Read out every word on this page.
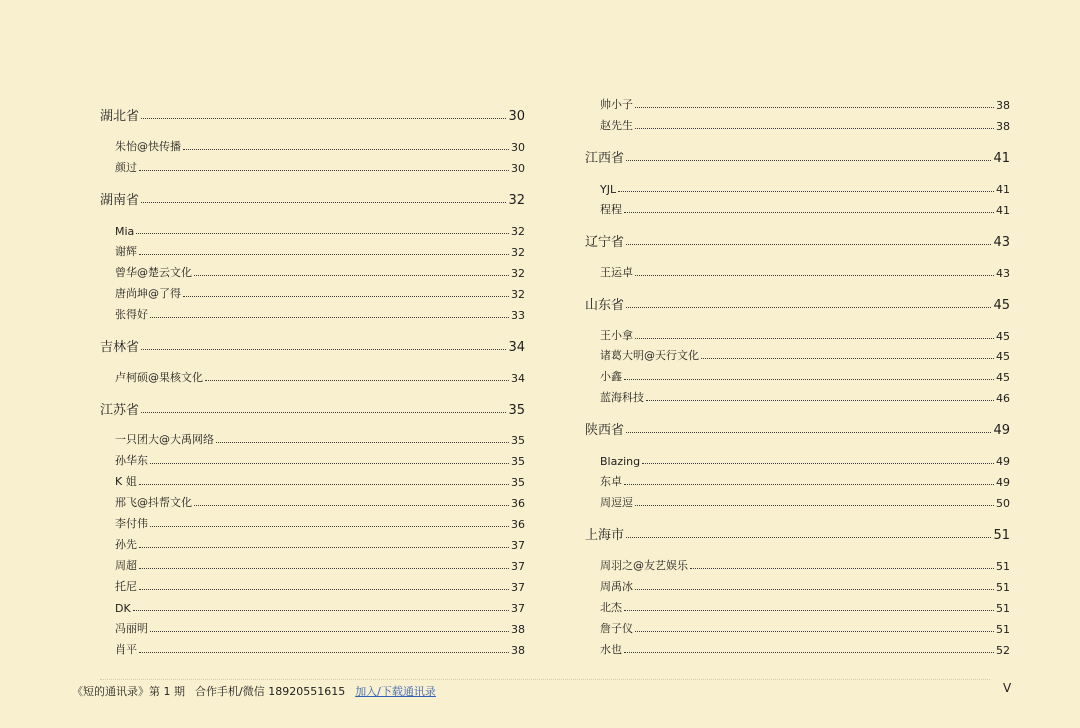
湖北省	30
朱怡@快传播	30
颜过	30
湖南省	32
Mia	32
谢辉	32
曾华@楚云文化	32
唐尚坤@了得	32
张得好	33
吉林省	34
卢柯硕@果核文化	34
江苏省	35
一只团大@大禹网络	35
孙华东	35
K 姐	35
邢飞@抖帮文化	36
李付伟	36
孙先	37
周超	37
托尼	37
DK	37
冯丽明	38
肖平	38
帅小子	38
赵先生	38
江西省	41
YJL	41
程程	41
辽宁省	43
王运卓	43
山东省	45
王小拿	45
诸葛大明@天行文化	45
小鑫	45
蓝海科技	46
陕西省	49
Blazing	49
东卓	49
周逗逗	50
上海市	51
周羽之@友艺娱乐	51
周禹冰	51
北杰	51
詹子仪	51
水也	52
《短的通讯录》第 1 期 合作手机/微信 18920551615 加入/下载通讯录	V
